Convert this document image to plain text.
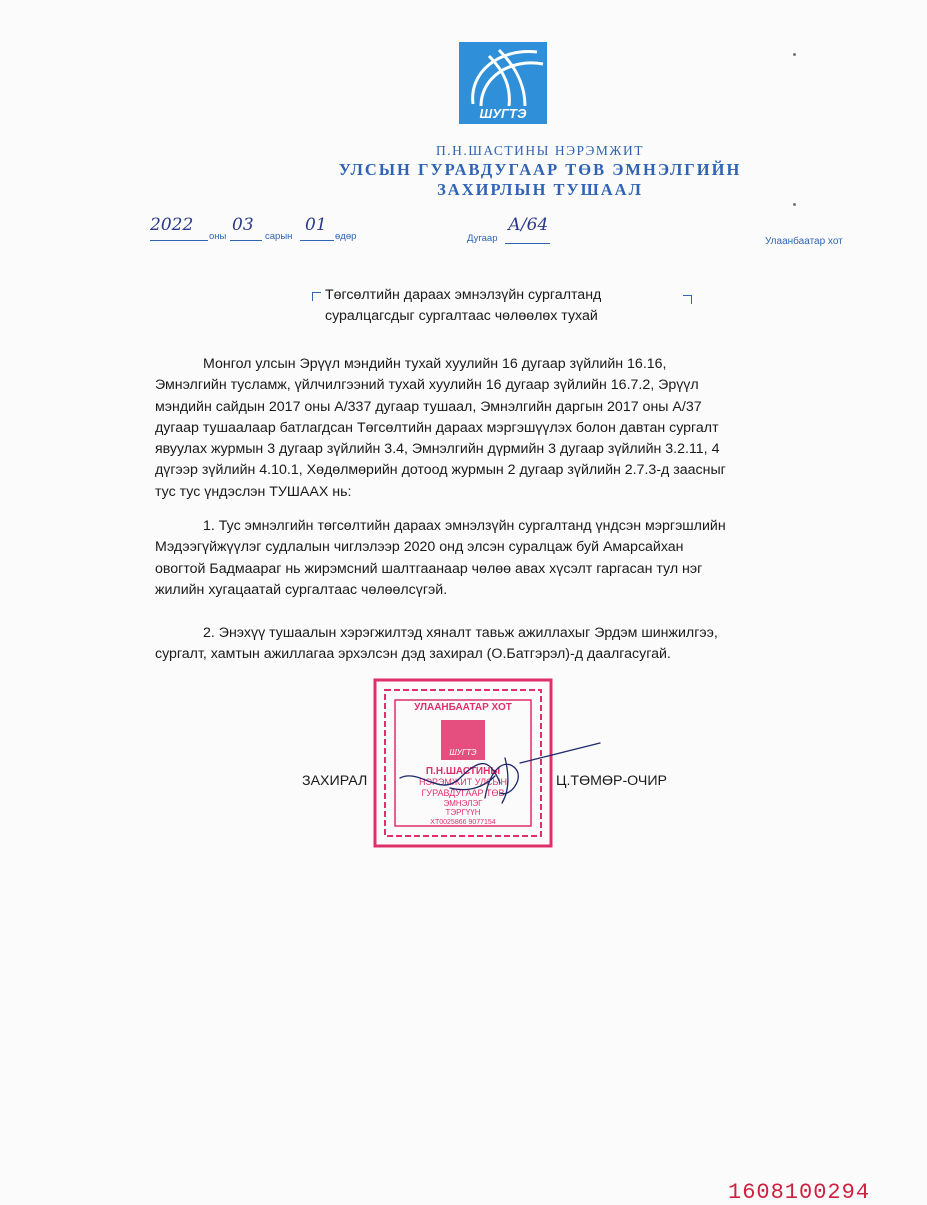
ШУГТЭ
П.Н.ШАСТИНЫ НЭРЭМЖИТ
УЛСЫН ГУРАВДУГААР ТӨВ ЭМНЭЛГИЙН
ЗАХИРЛЫН ТУШААЛ
2022
оны
03
сарын
01
өдөр	Дугаар
А/64
Улаанбаатар хот
Төгсөлтийн дараах эмнэлзүйн сургалтанд
суралцагсдыг сургалтаас чөлөөлөх тухай
Монгол улсын Эрүүл мэндийн тухай хуулийн 16 дугаар зүйлийн 16.16,
Эмнэлгийн тусламж, үйлчилгээний тухай хуулийн 16 дугаар зүйлийн 16.7.2, Эрүүл
мэндийн сайдын 2017 оны А/337 дугаар тушаал, Эмнэлгийн даргын 2017 оны А/37
дугаар тушаалаар батлагдсан Төгсөлтийн дараах мэргэшүүлэх болон давтан сургалт
явуулах журмын 3 дугаар зүйлийн 3.4, Эмнэлгийн дүрмийн 3 дугаар зүйлийн 3.2.11, 4
дүгээр зүйлийн 4.10.1, Хөдөлмөрийн дотоод журмын 2 дугаар зүйлийн 2.7.3-д заасныг
тус тус үндэслэн ТУШААХ нь:
1. Тус эмнэлгийн төгсөлтийн дараах эмнэлзүйн сургалтанд үндсэн мэргэшлийн
Мэдээгүйжүүлэг судлалын чиглэлээр 2020 онд элсэн суралцаж буй Амарсайхан
овогтой Бадмаараг нь жирэмсний шалтгаанаар чөлөө авах хүсэлт гаргасан тул нэг
жилийн хугацаатай сургалтаас чөлөөлсүгэй.
2. Энэхүү тушаалын хэрэгжилтэд хяналт тавьж ажиллахыг Эрдэм шинжилгээ,
сургалт, хамтын ажиллагаа эрхэлсэн дэд захирал (О.Батгэрэл)-д даалгасугай.
УЛААНБААТАР ХОТ
ШУГТЭ
П.Н.ШАСТИНЫ
НЭРЭМЖИТ УЛСЫН
ГУРАВДУГААР ТӨВ
ЭМНЭЛЭГ
ТЭРГҮҮН
ХТ0025866 9077154
ЗАХИРАЛ	Ц.ТӨМӨР-ОЧИР
1608100294
